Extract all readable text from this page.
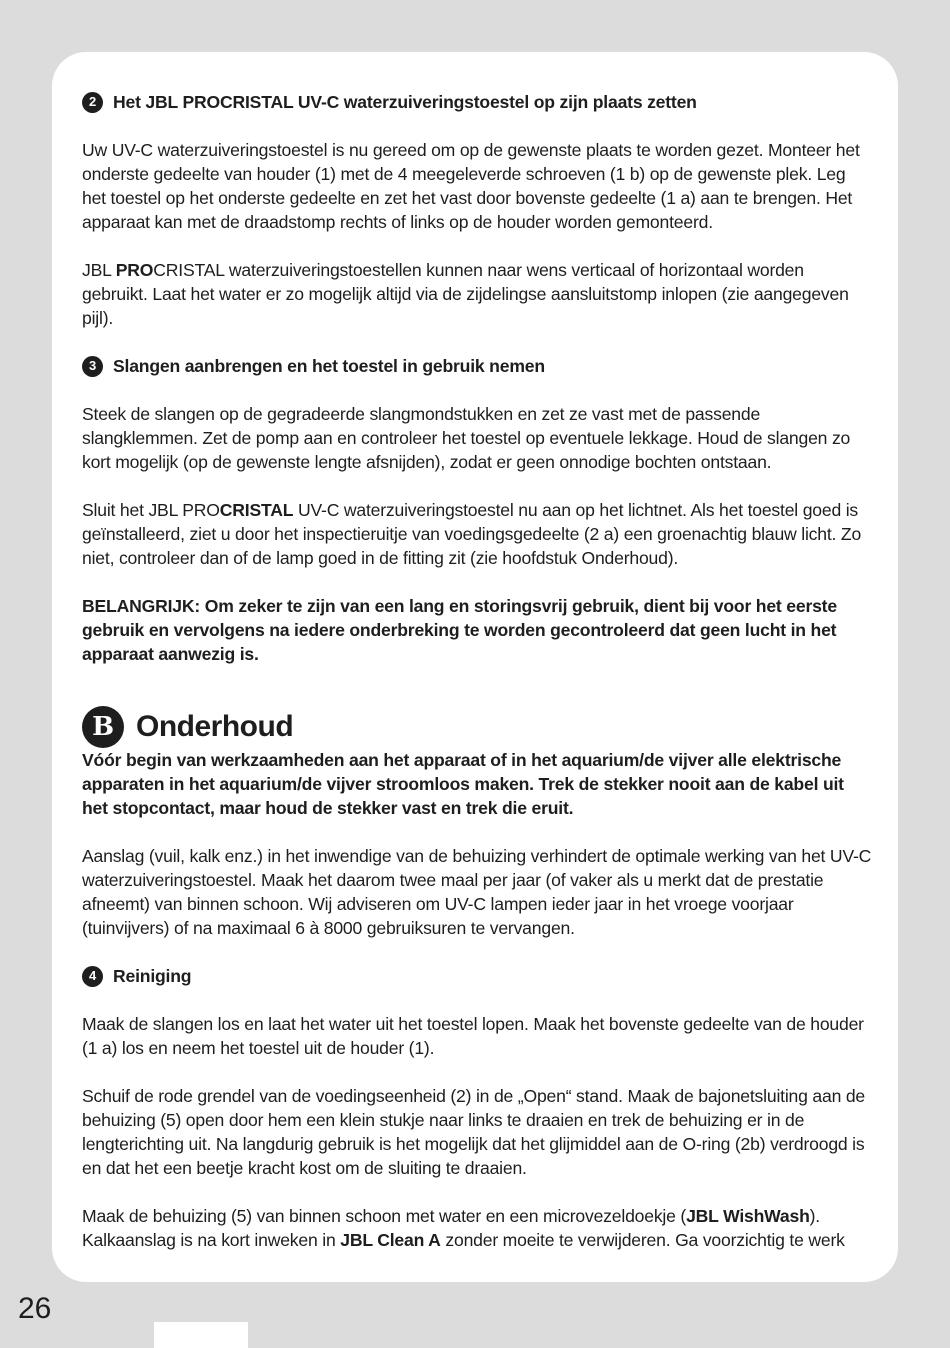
2 Het JBL PROCRISTAL UV-C waterzuiveringstoestel op zijn plaats zetten

Uw UV-C waterzuiveringstoestel is nu gereed om op de gewenste plaats te worden gezet. Monteer het onderste gedeelte van houder (1) met de 4 meegeleverde schroeven (1 b) op de gewenste plek. Leg het toestel op het onderste gedeelte en zet het vast door bovenste gedeelte (1 a) aan te brengen. Het apparaat kan met de draadstomp rechts of links op de houder worden gemonteerd.

JBL PROCRISTAL waterzuiveringstoestellen kunnen naar wens verticaal of horizontaal worden gebruikt. Laat het water er zo mogelijk altijd via de zijdelingse aansluitstomp inlopen (zie aangegeven pijl).

3 Slangen aanbrengen en het toestel in gebruik nemen

Steek de slangen op de gegradeerde slangmondstukken en zet ze vast met de passende slangklemmen. Zet de pomp aan en controleer het toestel op eventuele lekkage. Houd de slangen zo kort mogelijk (op de gewenste lengte afsnijden), zodat er geen onnodige bochten ontstaan.

Sluit het JBL PROCRISTAL UV-C waterzuiveringstoestel nu aan op het lichtnet. Als het toestel goed is geïnstalleerd, ziet u door het inspectieruitje van voedingsgedeelte (2 a) een groenachtig blauw licht. Zo niet, controleer dan of de lamp goed in de fitting zit (zie hoofdstuk Onderhoud).

BELANGRIJK: Om zeker te zijn van een lang en storingsvrij gebruik, dient bij voor het eerste gebruik en vervolgens na iedere onderbreking te worden gecontroleerd dat geen lucht in het apparaat aanwezig is.

B Onderhoud

Vóór begin van werkzaamheden aan het apparaat of in het aquarium/de vijver alle elektrische apparaten in het aquarium/de vijver stroomloos maken. Trek de stekker nooit aan de kabel uit het stopcontact, maar houd de stekker vast en trek die eruit.

Aanslag (vuil, kalk enz.) in het inwendige van de behuizing verhindert de optimale werking van het UV-C waterzuiveringstoestel. Maak het daarom twee maal per jaar (of vaker als u merkt dat de prestatie afneemt) van binnen schoon. Wij adviseren om UV-C lampen ieder jaar in het vroege voorjaar (tuinvijvers) of na maximaal 6 à 8000 gebruiksuren te vervangen.

4 Reiniging

Maak de slangen los en laat het water uit het toestel lopen. Maak het bovenste gedeelte van de houder (1 a) los en neem het toestel uit de houder (1).

Schuif de rode grendel van de voedingseenheid (2) in de „Open“ stand. Maak de bajonetsluiting aan de behuizing (5) open door hem een klein stukje naar links te draaien en trek de behuizing er in de lengterichting uit. Na langdurig gebruik is het mogelijk dat het glijmiddel aan de O-ring (2b) verdroogd is en dat het een beetje kracht kost om de sluiting te draaien.

Maak de behuizing (5) van binnen schoon met water en een microvezeldoekje (JBL WishWash). Kalkaanslag is na kort inweken in JBL Clean A zonder moeite te verwijderen. Ga voorzichtig te werk

26
